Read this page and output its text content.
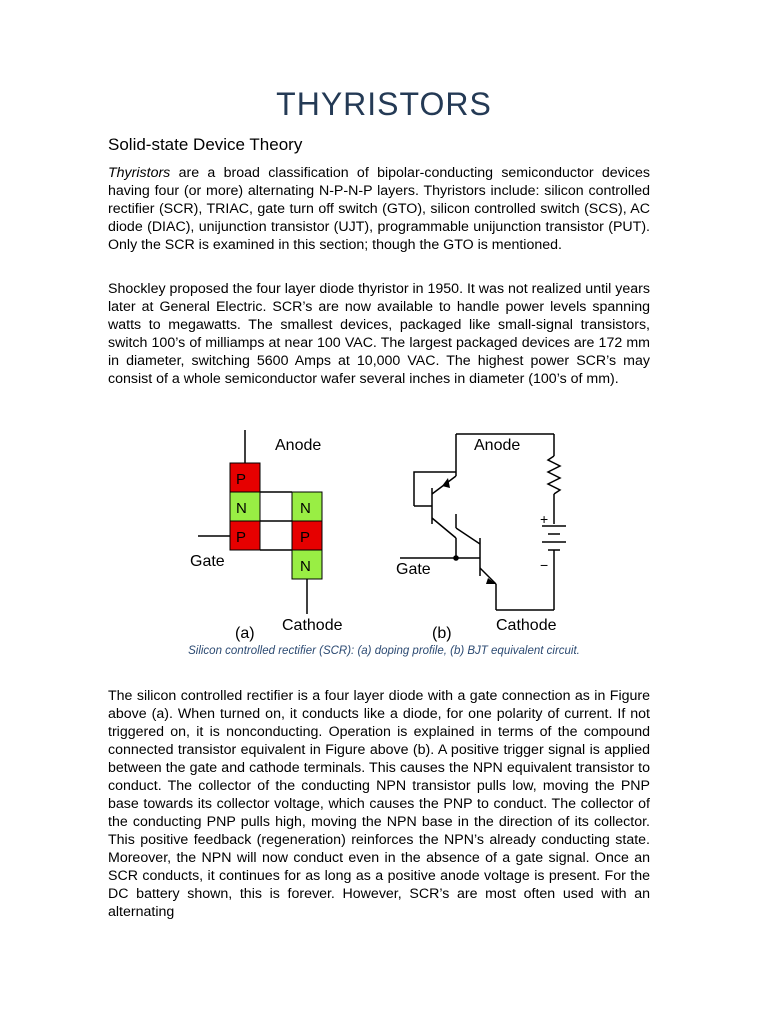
THYRISTORS
Solid-state Device Theory

Thyristors are a broad classification of bipolar-conducting semiconductor devices having four (or more) alternating N-P-N-P layers. Thyristors include: silicon controlled rectifier (SCR), TRIAC, gate turn off switch (GTO), silicon controlled switch (SCS), AC diode (DIAC), unijunction transistor (UJT), programmable unijunction transistor (PUT). Only the SCR is examined in this section; though the GTO is mentioned.

Shockley proposed the four layer diode thyristor in 1950. It was not realized until years later at General Electric. SCR’s are now available to handle power levels spanning watts to megawatts. The smallest devices, packaged like small-signal transistors, switch 100’s of milliamps at near 100 VAC. The largest packaged devices are 172 mm in diameter, switching 5600 Amps at 10,000 VAC. The highest power SCR’s may consist of a whole semiconductor wafer several inches in diameter (100’s of mm).

P
N
P
N
P
N
Anode
Gate
Cathode
(a)
Anode
Gate
Cathode
(b)
+
−
Silicon controlled rectifier (SCR): (a) doping profile, (b) BJT equivalent circuit.

The silicon controlled rectifier is a four layer diode with a gate connection as in Figure above (a). When turned on, it conducts like a diode, for one polarity of current. If not triggered on, it is nonconducting. Operation is explained in terms of the compound connected transistor equivalent in Figure above (b). A positive trigger signal is applied between the gate and cathode terminals. This causes the NPN equivalent transistor to conduct. The collector of the conducting NPN transistor pulls low, moving the PNP base towards its collector voltage, which causes the PNP to conduct. The collector of the conducting PNP pulls high, moving the NPN base in the direction of its collector. This positive feedback (regeneration) reinforces the NPN’s already conducting state. Moreover, the NPN will now conduct even in the absence of a gate signal. Once an SCR conducts, it continues for as long as a positive anode voltage is present. For the DC battery shown, this is forever. However, SCR’s are most often used with an alternating
